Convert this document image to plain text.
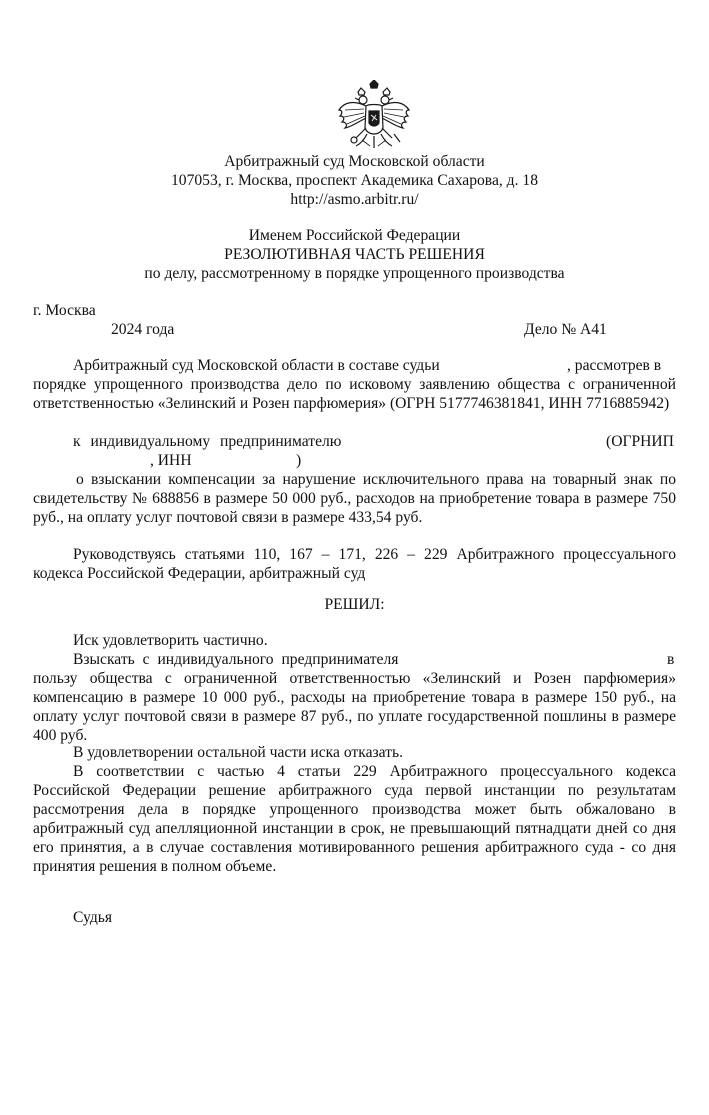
Арбитражный суд Московской области
107053, г. Москва, проспект Академика Сахарова, д. 18
http://asmo.arbitr.ru/
Именем Российской Федерации
РЕЗОЛЮТИВНАЯ ЧАСТЬ РЕШЕНИЯ
по делу, рассмотренному в порядке упрощенного производства
г. Москва
2024 года	Дело № А41
Арбитражный суд Московской области в составе судьи	, рассмотрев в
порядке упрощенного производства дело по исковому заявлению общества с ограниченной ответственностью «Зелинский и Розен парфюмерия» (ОГРН 5177746381841, ИНН 7716885942)
к индивидуальному предпринимателю	(ОГРНИП
, ИНН	)
о взыскании компенсации за нарушение исключительного права на товарный знак по свидетельству № 688856 в размере 50 000 руб., расходов на приобретение товара в размере 750 руб., на оплату услуг почтовой связи в размере 433,54 руб.
Руководствуясь статьями 110, 167 – 171, 226 – 229 Арбитражного процессуального кодекса Российской Федерации, арбитражный суд
РЕШИЛ:
Иск удовлетворить частично.
Взыскать с индивидуального предпринимателя	в
пользу общества с ограниченной ответственностью «Зелинский и Розен парфюмерия» компенсацию в размере 10 000 руб., расходы на приобретение товара в размере 150 руб., на оплату услуг почтовой связи в размере 87 руб., по уплате государственной пошлины в размере 400 руб.
В удовлетворении остальной части иска отказать.
В соответствии с частью 4 статьи 229 Арбитражного процессуального кодекса Российской Федерации решение арбитражного суда первой инстанции по результатам рассмотрения дела в порядке упрощенного производства может быть обжаловано в арбитражный суд апелляционной инстанции в срок, не превышающий пятнадцати дней со дня его принятия, а в случае составления мотивированного решения арбитражного суда - со дня принятия решения в полном объеме.
Судья
